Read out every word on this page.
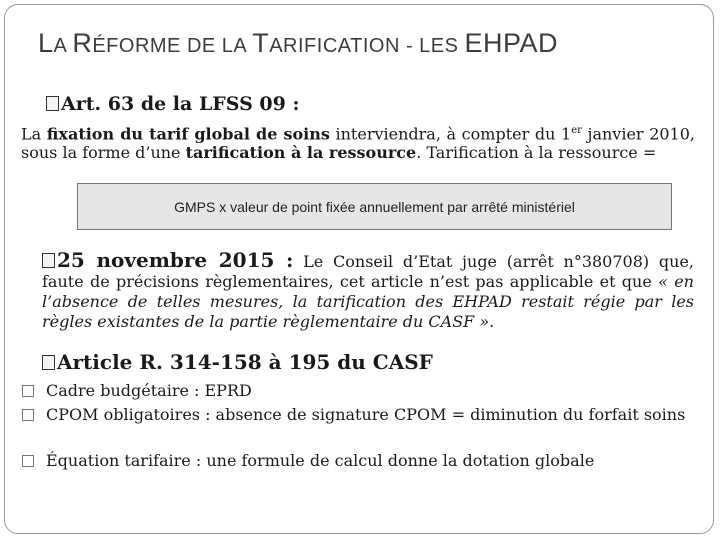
LA RÉFORME DE LA TARIFICATION - LES EHPAD
Art. 63 de la LFSS 09 :
La fixation du tarif global de soins interviendra, à compter du 1er janvier 2010, sous la forme d’une tarification à la ressource. Tarification à la ressource =
GMPS x valeur de point fixée annuellement par arrêté ministériel
25 novembre 2015 : Le Conseil d’Etat juge (arrêt n°380708) que, faute de précisions règlementaires, cet article n’est pas applicable et que « en l’absence de telles mesures, la tarification des EHPAD restait régie par les règles existantes de la partie règlementaire du CASF ».
Article R. 314-158 à 195 du CASF
Cadre budgétaire : EPRD
CPOM obligatoires : absence de signature CPOM = diminution du forfait soins
Équation tarifaire : une formule de calcul donne la dotation globale
